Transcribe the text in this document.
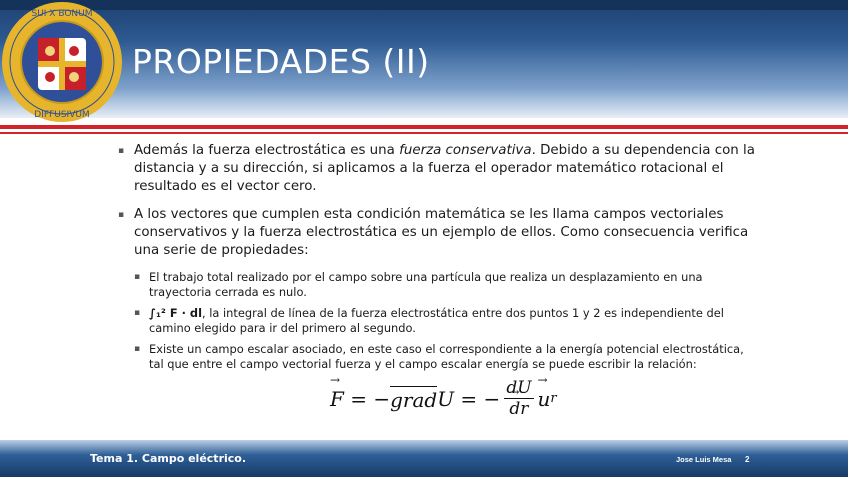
SUI X BONUM
DIFFUSIVUM
PROPIEDADES (II)
▪ Además la fuerza electrostática es una fuerza conservativa. Debido a su dependencia con la distancia y a su dirección, si aplicamos a la fuerza el operador matemático rotacional el resultado es el vector cero.
▪ A los vectores que cumplen esta condición matemática se les llama campos vectoriales conservativos y la fuerza electrostática es un ejemplo de ellos. Como consecuencia verifica una serie de propiedades:
▪ El trabajo total realizado por el campo sobre una partícula que realiza un desplazamiento en una trayectoria cerrada es nulo.
▪ ∫₁² F · dl, la integral de línea de la fuerza electrostática entre dos puntos 1 y 2 es independiente del camino elegido para ir del primero al segundo.
▪ Existe un campo escalar asociado, en este caso el correspondiente a la energía potencial electrostática, tal que entre el campo vectorial fuerza y el campo escalar energía se puede escribir la relación:
→ F = − grad U = − dU
→ dr
→ u r
Tema 1. Campo eléctrico.	Jose Luis Mesa 2
